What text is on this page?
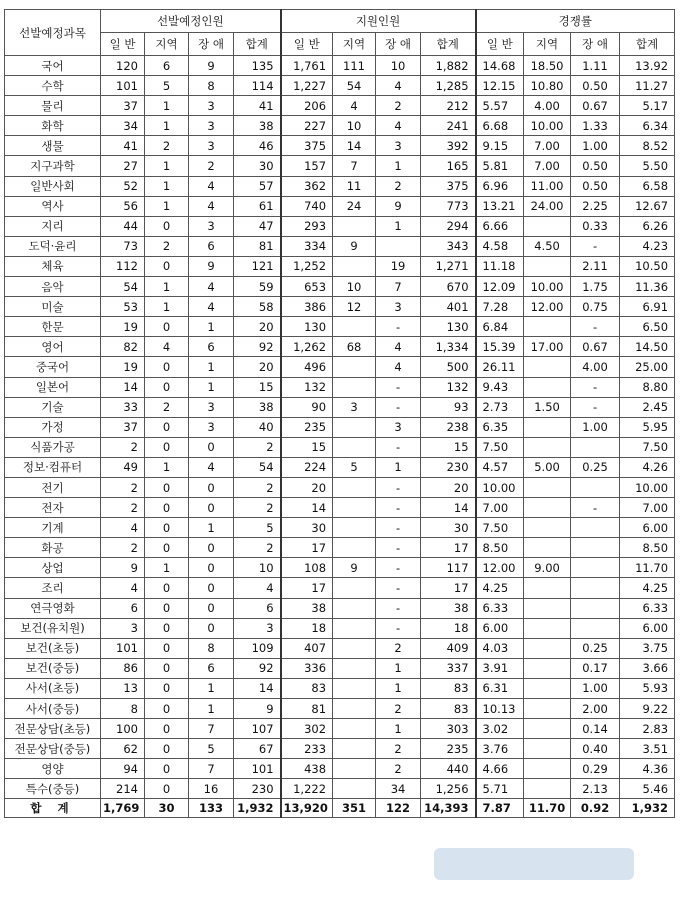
선발예정과목	선발예정인원				지원인원				경쟁률			
	일 반	지역	장 애	합계	일 반	지역	장 애	합계	일 반	지역	장 애	합계
국어	120	6	9	135	1,761	111	10	1,882	14.68	18.50	1.11	13.92
수학	101	5	8	114	1,227	54	4	1,285	12.15	10.80	0.50	11.27
물리	37	1	3	41	206	4	2	212	5.57	4.00	0.67	5.17
화학	34	1	3	38	227	10	4	241	6.68	10.00	1.33	6.34
생물	41	2	3	46	375	14	3	392	9.15	7.00	1.00	8.52
지구과학	27	1	2	30	157	7	1	165	5.81	7.00	0.50	5.50
일반사회	52	1	4	57	362	11	2	375	6.96	11.00	0.50	6.58
역사	56	1	4	61	740	24	9	773	13.21	24.00	2.25	12.67
지리	44	0	3	47	293		1	294	6.66		0.33	6.26
도덕·윤리	73	2	6	81	334	9		343	4.58	4.50	-	4.23
체육	112	0	9	121	1,252		19	1,271	11.18		2.11	10.50
음악	54	1	4	59	653	10	7	670	12.09	10.00	1.75	11.36
미술	53	1	4	58	386	12	3	401	7.28	12.00	0.75	6.91
한문	19	0	1	20	130		-	130	6.84		-	6.50
영어	82	4	6	92	1,262	68	4	1,334	15.39	17.00	0.67	14.50
중국어	19	0	1	20	496		4	500	26.11		4.00	25.00
일본어	14	0	1	15	132		-	132	9.43		-	8.80
기술	33	2	3	38	90	3	-	93	2.73	1.50	-	2.45
가정	37	0	3	40	235		3	238	6.35		1.00	5.95
식품가공	2	0	0	2	15		-	15	7.50			7.50
정보·컴퓨터	49	1	4	54	224	5	1	230	4.57	5.00	0.25	4.26
전기	2	0	0	2	20		-	20	10.00			10.00
전자	2	0	0	2	14		-	14	7.00		-	7.00
기계	4	0	1	5	30		-	30	7.50			6.00
화공	2	0	0	2	17		-	17	8.50			8.50
상업	9	1	0	10	108	9	-	117	12.00	9.00		11.70
조리	4	0	0	4	17		-	17	4.25			4.25
연극영화	6	0	0	6	38		-	38	6.33			6.33
보건(유치원)	3	0	0	3	18		-	18	6.00			6.00
보건(초등)	101	0	8	109	407		2	409	4.03		0.25	3.75
보건(중등)	86	0	6	92	336		1	337	3.91		0.17	3.66
사서(초등)	13	0	1	14	83		1	83	6.31		1.00	5.93
사서(중등)	8	0	1	9	81		2	83	10.13		2.00	9.22
전문상담(초등)	100	0	7	107	302		1	303	3.02		0.14	2.83
전문상담(중등)	62	0	5	67	233		2	235	3.76		0.40	3.51
영양	94	0	7	101	438		2	440	4.66		0.29	4.36
특수(중등)	214	0	16	230	1,222		34	1,256	5.71		2.13	5.46
합 계	1,769	30	133	1,932	13,920	351	122	14,393	7.87	11.70	0.92	1,932
